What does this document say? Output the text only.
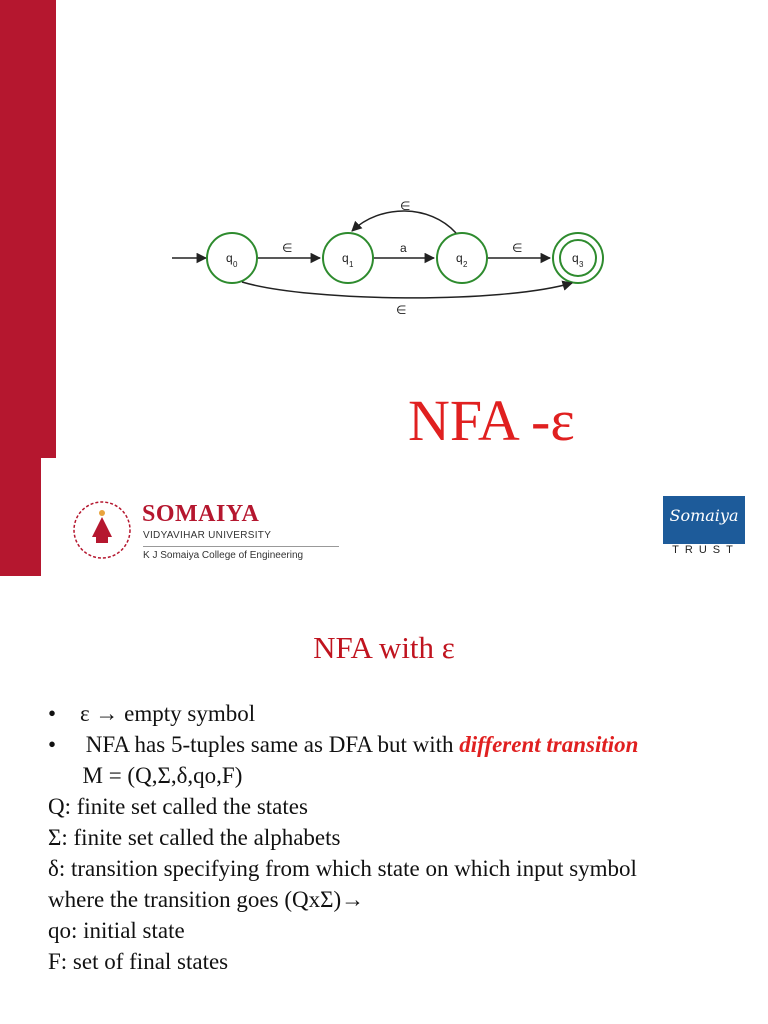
q 0	q 1	q 2	q 3
∈	a	∈
∈
∈
NFA -ε
SOMAIYA
VIDYAVIHAR UNIVERSITY
K J Somaiya College of Engineering
Somaiya
TRUST
NFA with ε
• ε → empty symbol
• NFA has 5-tuples same as DFA but with different transition
M = (Q,Σ,δ,qo,F)
Q: finite set called the states
Σ: finite set called the alphabets
δ: transition specifying from which state on which input symbol
where the transition goes (QxΣ)→
qo: initial state
F: set of final states
